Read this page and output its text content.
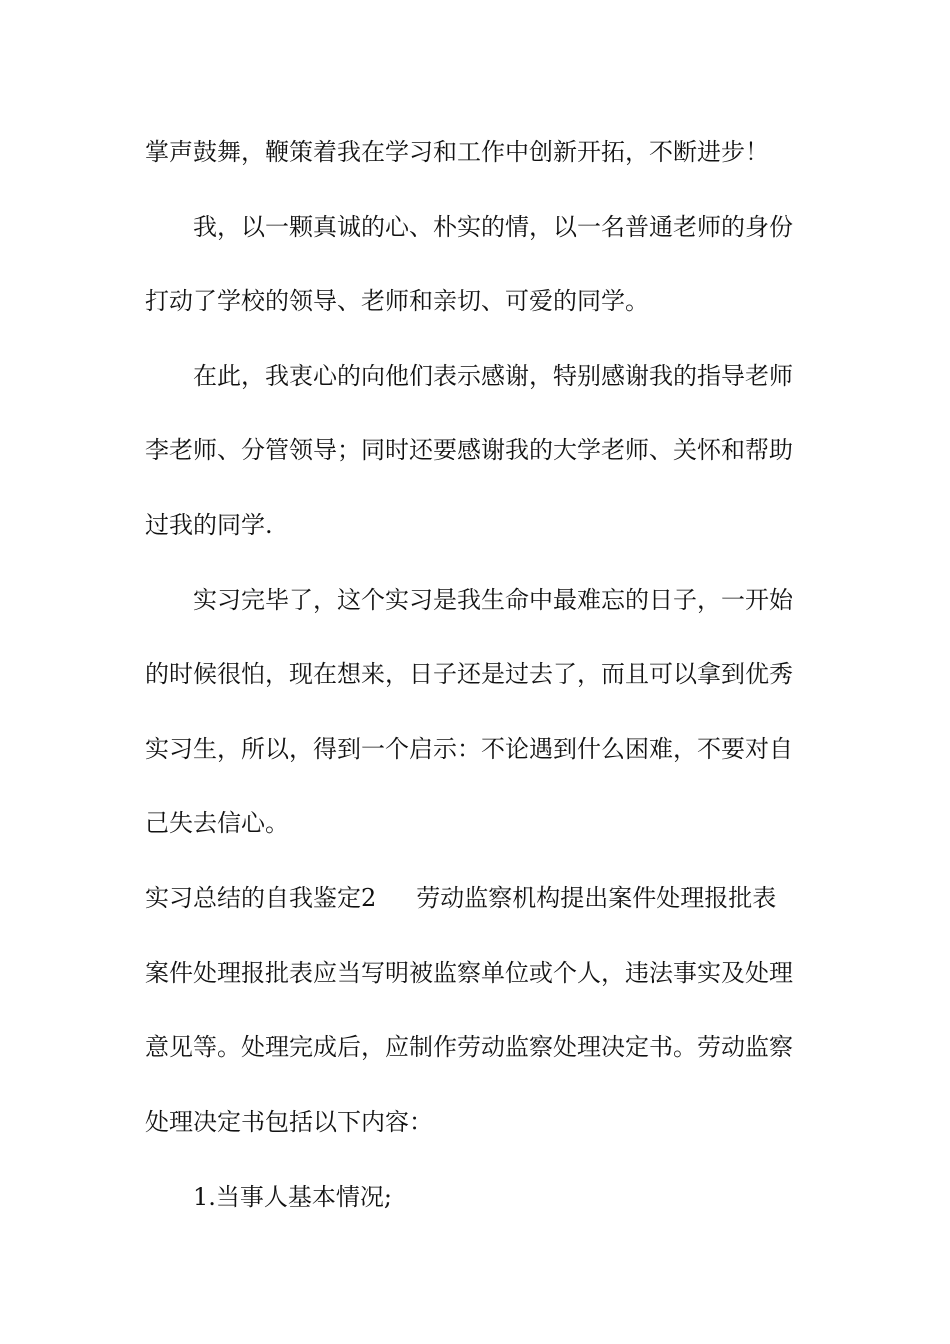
掌声鼓舞，鞭策着我在学习和工作中创新开拓，不断进步！
我，以一颗真诚的心、朴实的情，以一名普通老师的身份
打动了学校的领导、老师和亲切、可爱的同学。
在此，我衷心的向他们表示感谢，特别感谢我的指导老师
李老师、分管领导；同时还要感谢我的大学老师、关怀和帮助
过我的同学.
实习完毕了，这个实习是我生命中最难忘的日子，一开始
的时候很怕，现在想来，日子还是过去了，而且可以拿到优秀
实习生，所以，得到一个启示：不论遇到什么困难，不要对自
己失去信心。
实习总结的自我鉴定2 劳动监察机构提出案件处理报批表
案件处理报批表应当写明被监察单位或个人，违法事实及处理
意见等。处理完成后，应制作劳动监察处理决定书。劳动监察
处理决定书包括以下内容：
1.当事人基本情况;
